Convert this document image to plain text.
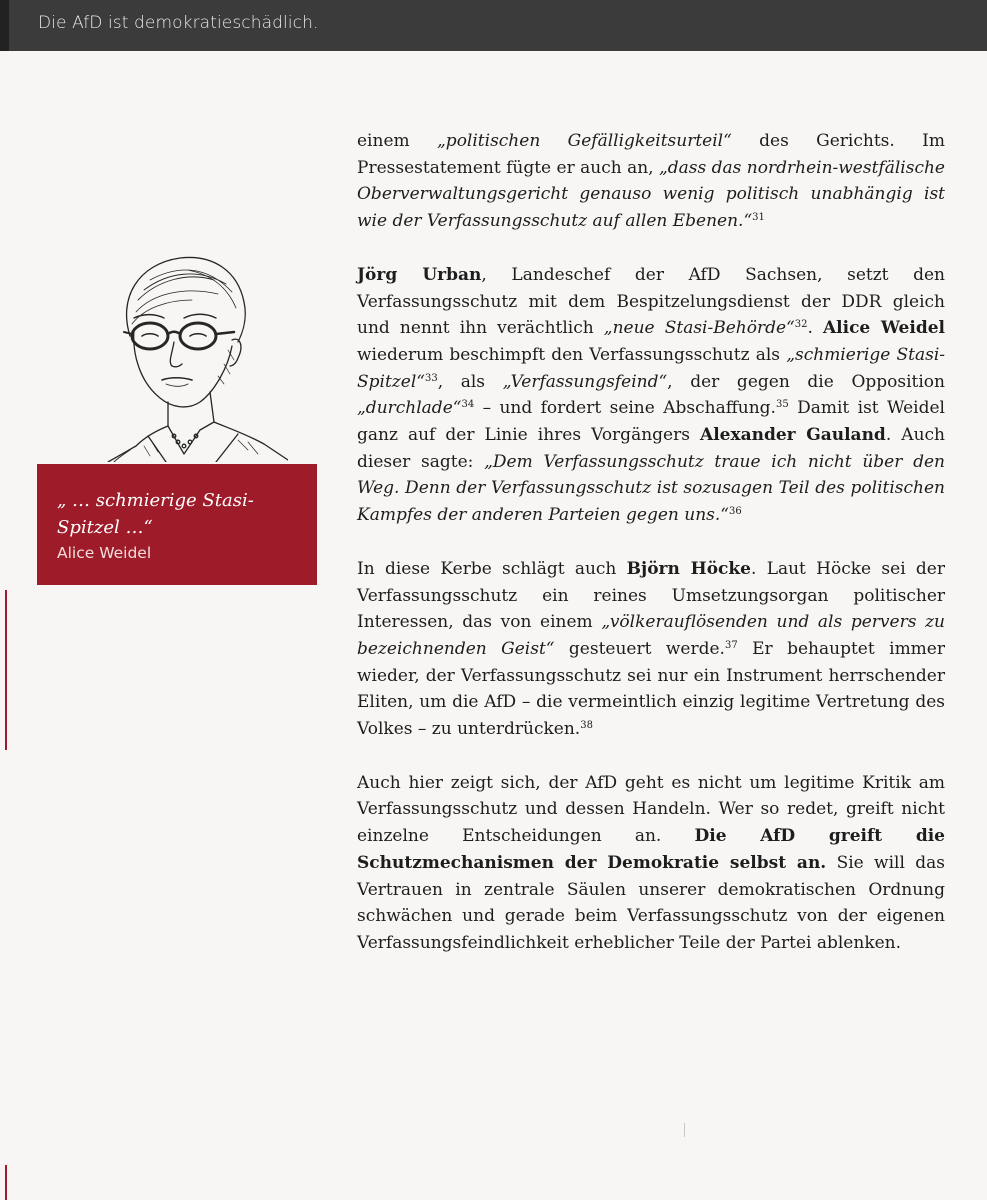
Die AfD ist demokratieschädlich.

„ … schmierige Stasi-Spitzel …“

Alice Weidel

einem „politischen Gefälligkeitsurteil“ des Gerichts. Im Pressestatement fügte er auch an, „dass das nordrhein-westfälische Oberverwaltungsgericht genauso wenig politisch unabhängig ist wie der Verfassungsschutz auf allen Ebenen.“$^{31}$

Jörg Urban, Landeschef der AfD Sachsen, setzt den Verfassungsschutz mit dem Bespitzelungsdienst der DDR gleich und nennt ihn verächtlich „neue Stasi-Behörde“$^{32}$. Alice Weidel wiederum beschimpft den Verfassungsschutz als „schmierige Stasi-Spitzel“$^{33}$, als „Verfassungsfeind“, der gegen die Opposition „durchlade“$^{34}$ – und fordert seine Abschaffung.$^{35}$ Damit ist Weidel ganz auf der Linie ihres Vorgängers Alexander Gauland. Auch dieser sagte: „Dem Verfassungsschutz traue ich nicht über den Weg. Denn der Verfassungsschutz ist sozusagen Teil des politischen Kampfes der anderen Parteien gegen uns.“$^{36}$

In diese Kerbe schlägt auch Björn Höcke. Laut Höcke sei der Verfassungsschutz ein reines Umsetzungsorgan politischer Interessen, das von einem „völkerauflösenden und als pervers zu bezeichnenden Geist“ gesteuert werde.$^{37}$ Er behauptet immer wieder, der Verfassungsschutz sei nur ein Instrument herrschender Eliten, um die AfD – die vermeintlich einzig legitime Vertretung des Volkes – zu unterdrücken.$^{38}$

Auch hier zeigt sich, der AfD geht es nicht um legitime Kritik am Verfassungsschutz und dessen Handeln. Wer so redet, greift nicht einzelne Entscheidungen an. Die AfD greift die Schutzmechanismen der Demokratie selbst an. Sie will das Vertrauen in zentrale Säulen unserer demokratischen Ordnung schwächen und gerade beim Verfassungsschutz von der eigenen Verfassungsfeindlichkeit erheblicher Teile der Partei ablenken.
